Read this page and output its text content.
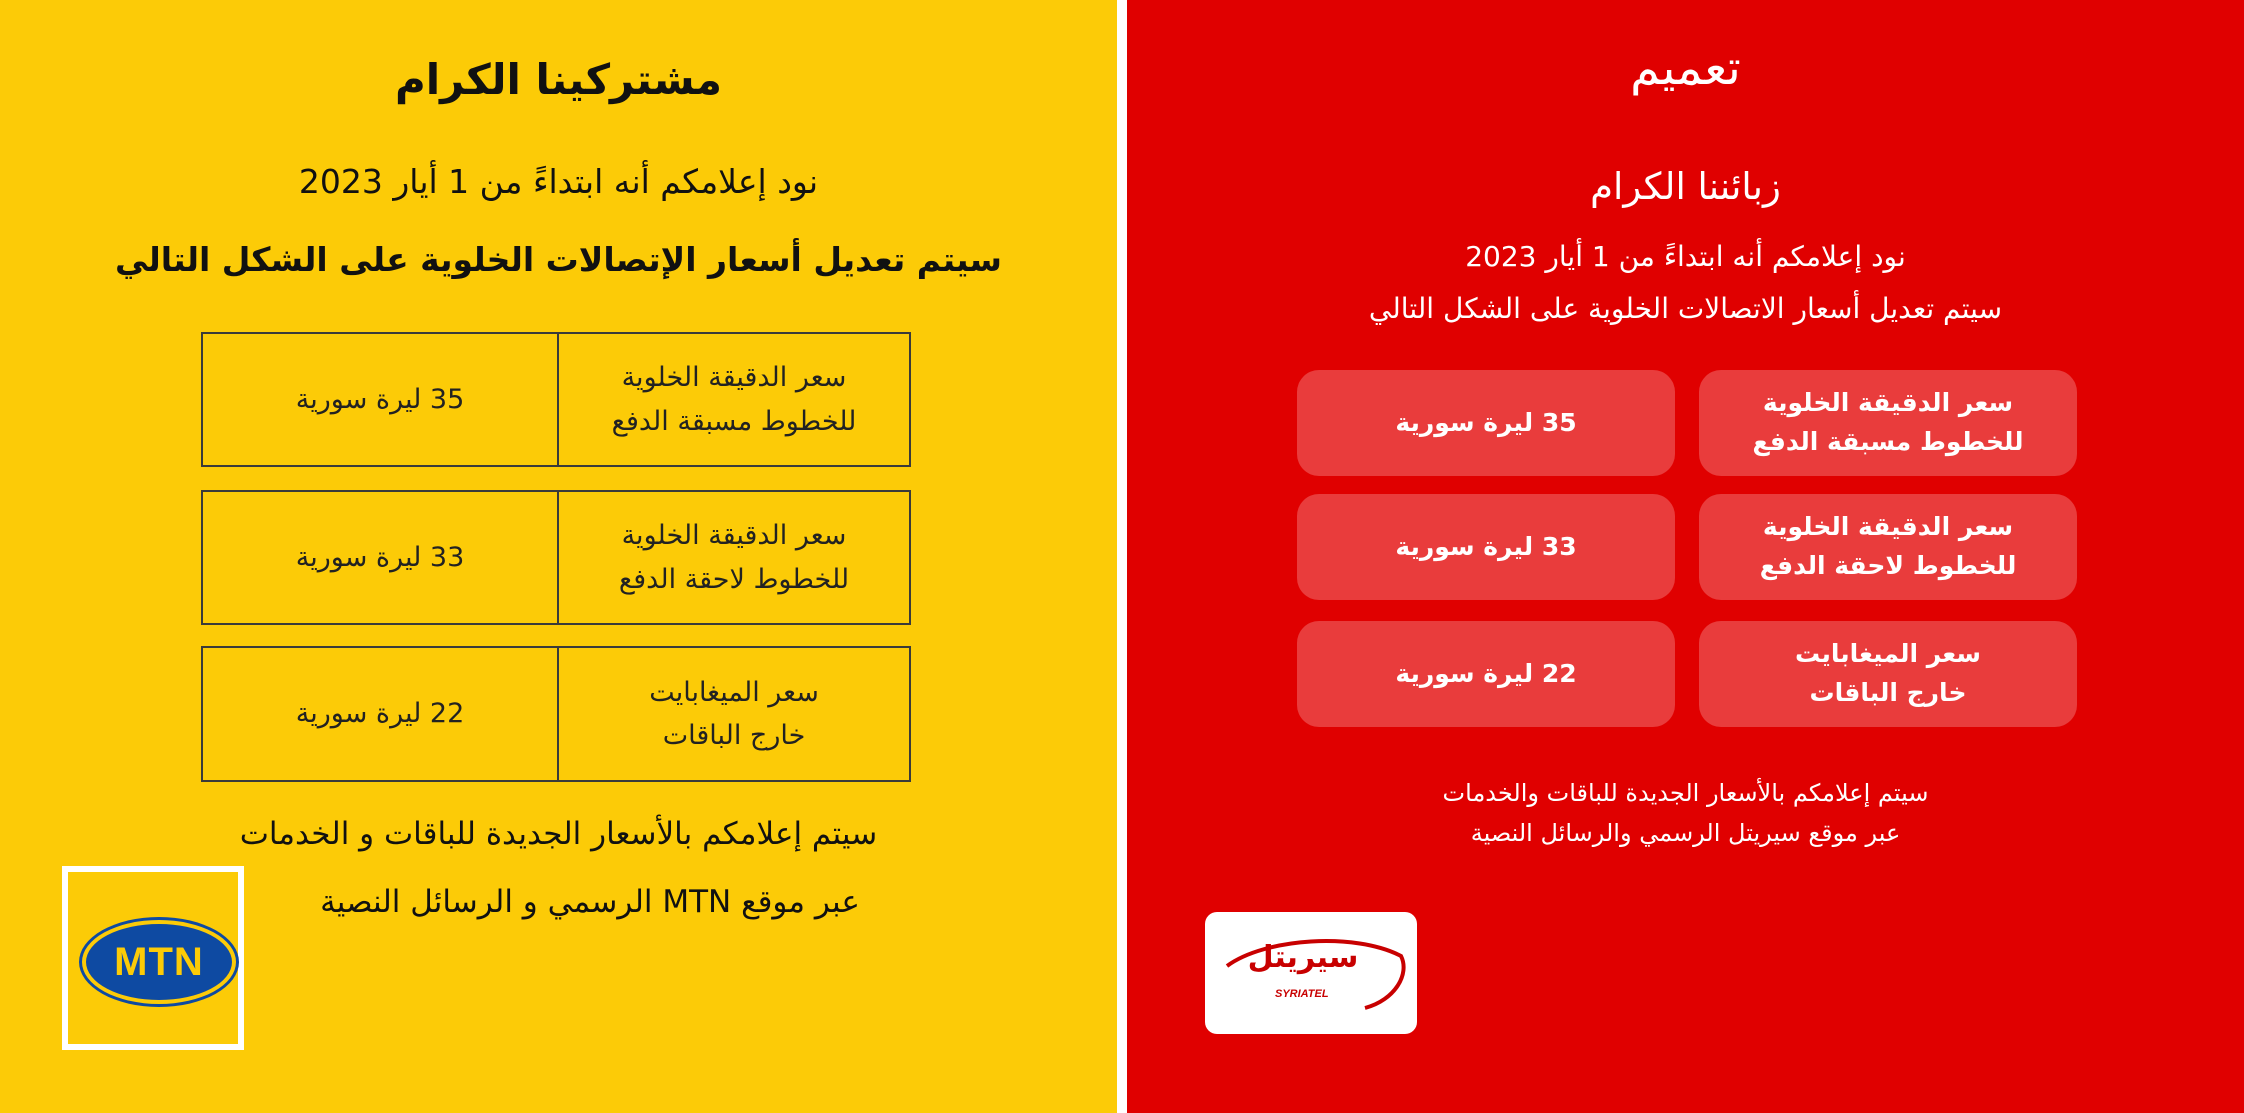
مشتركينا الكرام
نود إعلامكم أنه ابتداءً من 1 أيار 2023
سيتم تعديل أسعار الإتصالات الخلوية على الشكل التالي
35 ليرة سورية
سعر الدقيقة الخلوية
للخطوط مسبقة الدفع
33 ليرة سورية
سعر الدقيقة الخلوية
للخطوط لاحقة الدفع
22 ليرة سورية
سعر الميغابايت
خارج الباقات
سيتم إعلامكم بالأسعار الجديدة للباقات و الخدمات
عبر موقع MTN الرسمي و الرسائل النصية
MTN
تعميم
زبائننا الكرام
نود إعلامكم أنه ابتداءً من 1 أيار 2023
سيتم تعديل أسعار الاتصالات الخلوية على الشكل التالي
سعر الدقيقة الخلوية
للخطوط مسبقة الدفع
35 ليرة سورية
سعر الدقيقة الخلوية
للخطوط لاحقة الدفع
33 ليرة سورية
سعر الميغابايت
خارج الباقات
22 ليرة سورية
سيتم إعلامكم بالأسعار الجديدة للباقات والخدمات
عبر موقع سيريتل الرسمي والرسائل النصية
سيريتل
SYRIATEL
